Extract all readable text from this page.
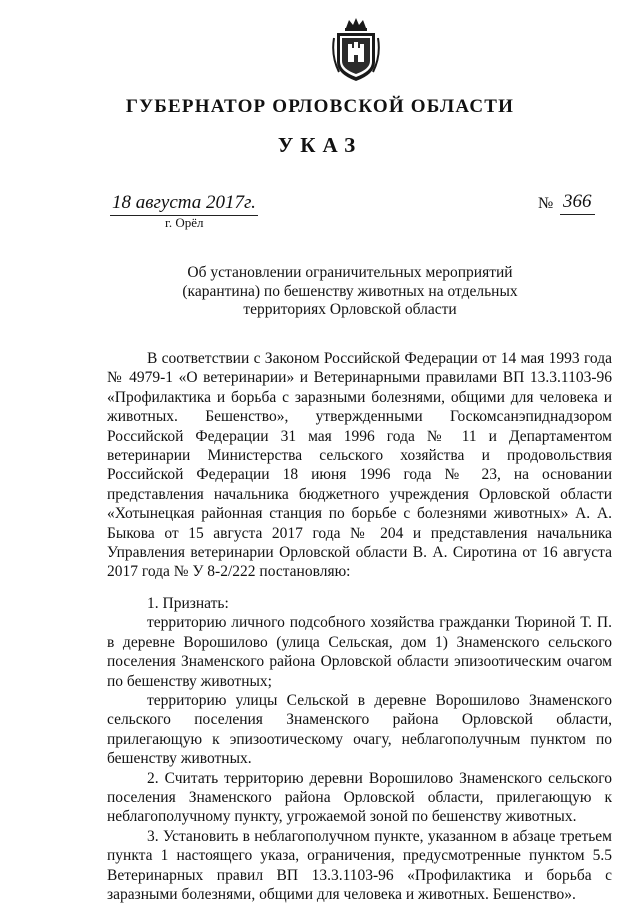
ГУБЕРНАТОР ОРЛОВСКОЙ ОБЛАСТИ
УКАЗ
18 августа 2017г.
г. Орёл
№ 366
Об установлении ограничительных мероприятий
(карантина) по бешенству животных на отдельных
территориях Орловской области

В соответствии с Законом Российской Федерации от 14 мая 1993 года № 4979-1 «О ветеринарии» и Ветеринарными правилами ВП 13.3.1103-96 «Профилактика и борьба с заразными болезнями, общими для человека и животных. Бешенство», утвержденными Госкомсанэпиднадзором Российской Федерации 31 мая 1996 года № 11 и Департаментом ветеринарии Министерства сельского хозяйства и продовольствия Российской Федерации 18 июня 1996 года № 23, на основании представления начальника бюджетного учреждения Орловской области «Хотынецкая районная станция по борьбе с болезнями животных» А. А. Быкова от 15 августа 2017 года № 204 и представления начальника Управления ветеринарии Орловской области В. А. Сиротина от 16 августа 2017 года № У 8-2/222 постановляю:

1. Признать:

территорию личного подсобного хозяйства гражданки Тюриной Т. П. в деревне Ворошилово (улица Сельская, дом 1) Знаменского сельского поселения Знаменского района Орловской области эпизоотическим очагом по бешенству животных;

территорию улицы Сельской в деревне Ворошилово Знаменского сельского поселения Знаменского района Орловской области, прилегающую к эпизоотическому очагу, неблагополучным пунктом по бешенству животных.

2. Считать территорию деревни Ворошилово Знаменского сельского поселения Знаменского района Орловской области, прилегающую к неблагополучному пункту, угрожаемой зоной по бешенству животных.

3. Установить в неблагополучном пункте, указанном в абзаце третьем пункта 1 настоящего указа, ограничения, предусмотренные пунктом 5.5 Ветеринарных правил ВП 13.3.1103-96 «Профилактика и борьба с заразными болезнями, общими для человека и животных. Бешенство».
